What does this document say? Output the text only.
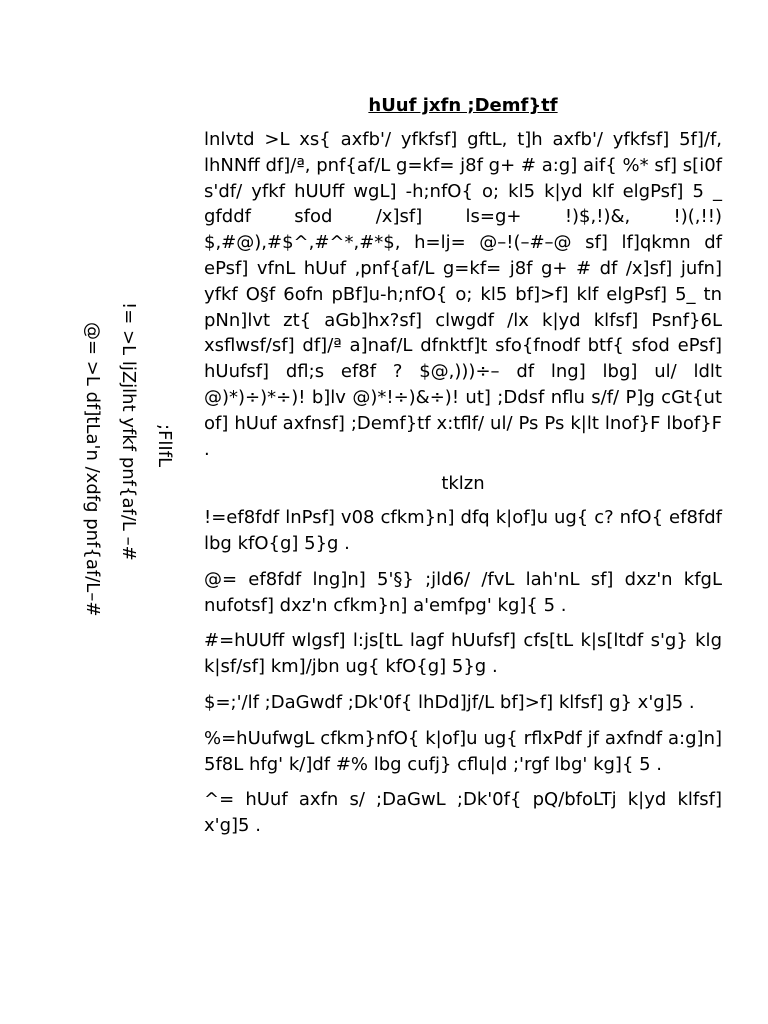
hUuf jxfn ;Demf}tf

lnlvtd >L xs{ axfb'/ yfkfsf] gftL, t]h axfb'/ yfkfsf] 5f]/f, lhNNff df]/ª, pnf{af/L g=kf= j8f g+ # a:g] aif{ %* sf] s[i0f s'df/ yfkf hUUff wgL] -h;nfO{ o; kl5 k|yd klf elgPsf] 5 _ gfddf sfod /x]sf] ls=g+ !)$,!)&, !)(,!!) $,#@),#$^,#^*,#*$, h=lj= @–!(–#–@ sf] lf]qkmn df ePsf] vfnL hUuf ,pnf{af/L g=kf= j8f g+ # df /x]sf] jufn] yfkf O§f 6ofn pBf]u-h;nfO{ o; kl5 bf]>f] klf elgPsf] 5_ tn pNn]lvt zt{ aGb]hx?sf] clwgdf /lx k|yd klfsf] Psnf}6L xsflwsf/sf] df]/ª a]naf/L dfnktf]t sfo{fnodf btf{ sfod ePsf] hUufsf] dfl;s ef8f ? $@,)))÷– df lng] lbg] ul/ ldlt @)*)÷)*÷)! b]lv @)*!÷)&÷)! ut] ;Ddsf nflu s/f/ P]g cGt{ut of] hUuf axfnsf] ;Demf}tf x:tflf/ ul/ Ps Ps k|lt lnof}F lbof}F .

tklzn

!=ef8fdf lnPsf] v08 cfkm}n] dfq k|of]u ug{ c? nfO{ ef8fdf lbg kfO{g] 5}g .

@= ef8fdf lng]n] 5'§} ;jld6/ /fvL lah'nL sf] dxz'n kfgL nufotsf] dxz'n cfkm}n] a'emfpg' kg]{ 5 .

#=hUUff wlgsf] l:js[tL lagf hUufsf] cfs[tL k|s[ltdf s'g} klg k|sf/sf] km]/jbn ug{ kfO{g] 5}g .

$=;'/lf ;DaGwdf ;Dk'0f{ lhDd]jf/L bf]>f] klfsf] g} x'g]5 .

%=hUufwgL cfkm}nfO{ k|of]u ug{ rflxPdf jf axfndf a:g]n] 5f8L hfg' k/]df #% lbg cufj} cflu|d ;'rgf lbg' kg]{ 5 .

^= hUuf axfn s/ ;DaGwL ;Dk'0f{ pQ/bfoLTj k|yd klfsf] x'g]5 .

;FlIfL
!= >L ljZjlht yfkf pnf{af/L –#
@= >L df]tLa'n /xdfg pnf{af/L–#
